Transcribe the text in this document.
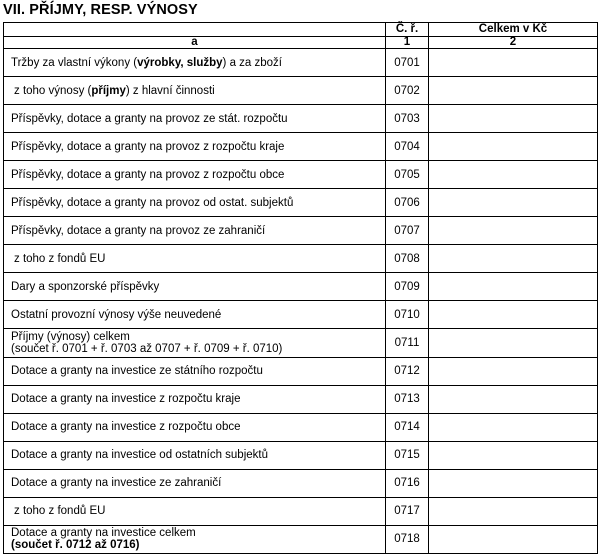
VII. PŘÍJMY, RESP. VÝNOSY
	Č. ř.	Celkem v Kč
a	1	2
Tržby za vlastní výkony (výrobky, služby) a za zboží	0701	
z toho výnosy (příjmy) z hlavní činnosti	0702	
Příspěvky, dotace a granty na provoz ze stát. rozpočtu	0703	
Příspěvky, dotace a granty na provoz z rozpočtu kraje	0704	
Příspěvky, dotace a granty na provoz z rozpočtu obce	0705	
Příspěvky, dotace a granty na provoz od ostat. subjektů	0706	
Příspěvky, dotace a granty na provoz ze zahraničí	0707	
z toho z fondů EU	0708	
Dary a sponzorské příspěvky	0709	
Ostatní provozní výnosy výše neuvedené	0710	
Příjmy (výnosy) celkem
(součet ř. 0701 + ř. 0703 až 0707 + ř. 0709 + ř. 0710)	0711	
Dotace a granty na investice ze státního rozpočtu	0712	
Dotace a granty na investice z rozpočtu kraje	0713	
Dotace a granty na investice z rozpočtu obce	0714	
Dotace a granty na investice od ostatních subjektů	0715	
Dotace a granty na investice ze zahraničí	0716	
z toho z fondů EU	0717	
Dotace a granty na investice celkem
(součet ř. 0712 až 0716)	0718	
